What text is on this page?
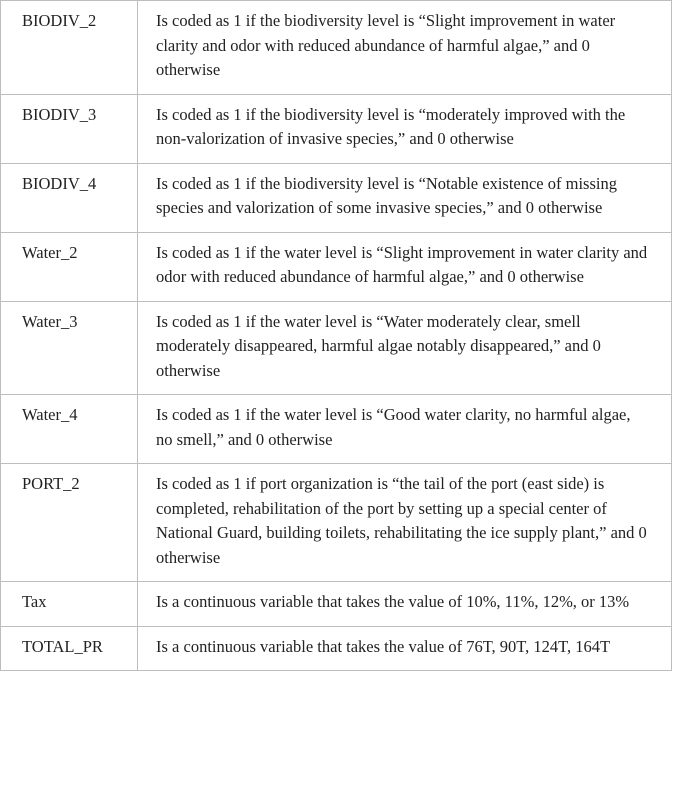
BIODIV_2	Is coded as 1 if the biodiversity level is “Slight improvement in water clarity and odor with reduced abundance of harmful algae,” and 0 otherwise
BIODIV_3	Is coded as 1 if the biodiversity level is “moderately improved with the non-valorization of invasive species,” and 0 otherwise
BIODIV_4	Is coded as 1 if the biodiversity level is “Notable existence of missing species and valorization of some invasive species,” and 0 otherwise
Water_2	Is coded as 1 if the water level is “Slight improvement in water clarity and odor with reduced abundance of harmful algae,” and 0 otherwise
Water_3	Is coded as 1 if the water level is “Water moderately clear, smell moderately disappeared, harmful algae notably disappeared,” and 0 otherwise
Water_4	Is coded as 1 if the water level is “Good water clarity, no harmful algae, no smell,” and 0 otherwise
PORT_2	Is coded as 1 if port organization is “the tail of the port (east side) is completed, rehabilitation of the port by setting up a special center of National Guard, building toilets, rehabilitating the ice supply plant,” and 0 otherwise
Tax	Is a continuous variable that takes the value of 10%, 11%, 12%, or 13%
TOTAL_PR	Is a continuous variable that takes the value of 76T, 90T, 124T, 164T
